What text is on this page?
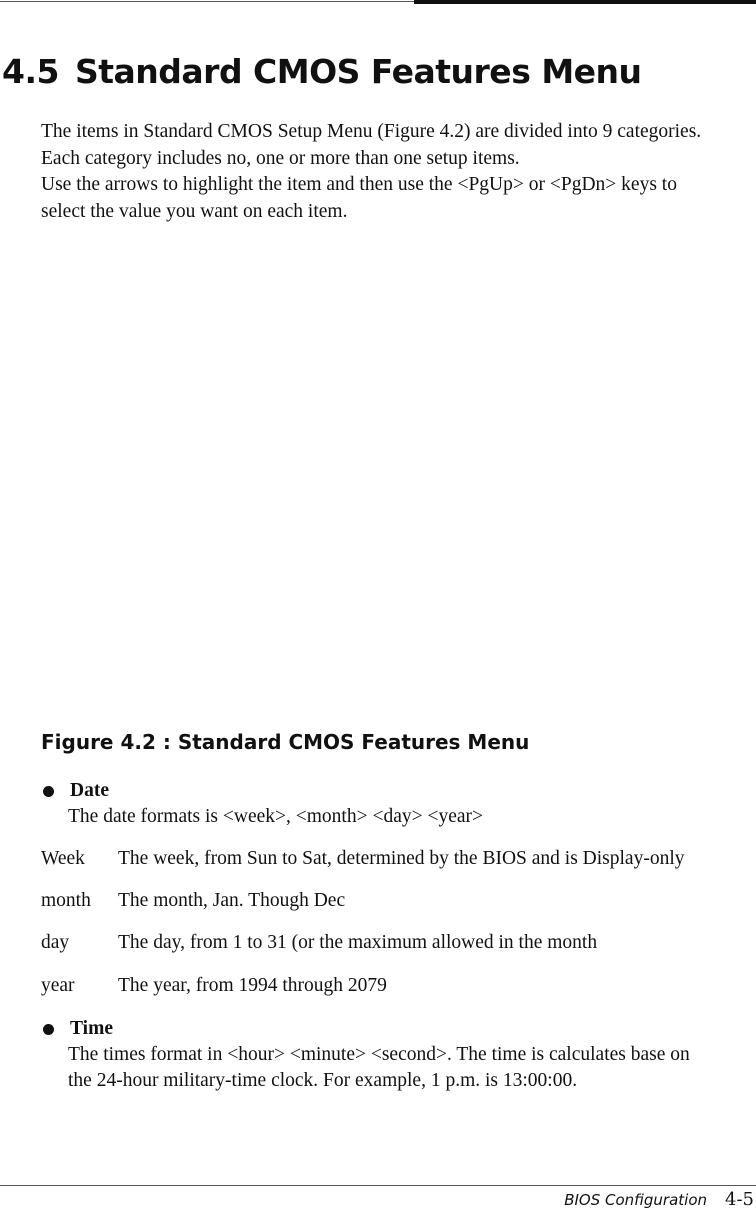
4.5 Standard CMOS Features Menu

The items in Standard CMOS Setup Menu (Figure 4.2) are divided into 9 categories.

Each category includes no, one or more than one setup items.

Use the arrows to highlight the item and then use the <PgUp> or <PgDn> keys to

select the value you want on each item.

Figure 4.2 : Standard CMOS Features Menu

Date
The date formats is <week>, <month> <day> <year>
Week The week, from Sun to Sat, determined by the BIOS and is Display-only
month The month, Jan. Though Dec
day	The day, from 1 to 31 (or the maximum allowed in the month
year The year, from 1994 through 2079
Time
The times format in <hour> <minute> <second>. The time is calculates base on
the 24-hour military-time clock. For example, 1 p.m. is 13:00:00.
BIOS Configuration 4-5
